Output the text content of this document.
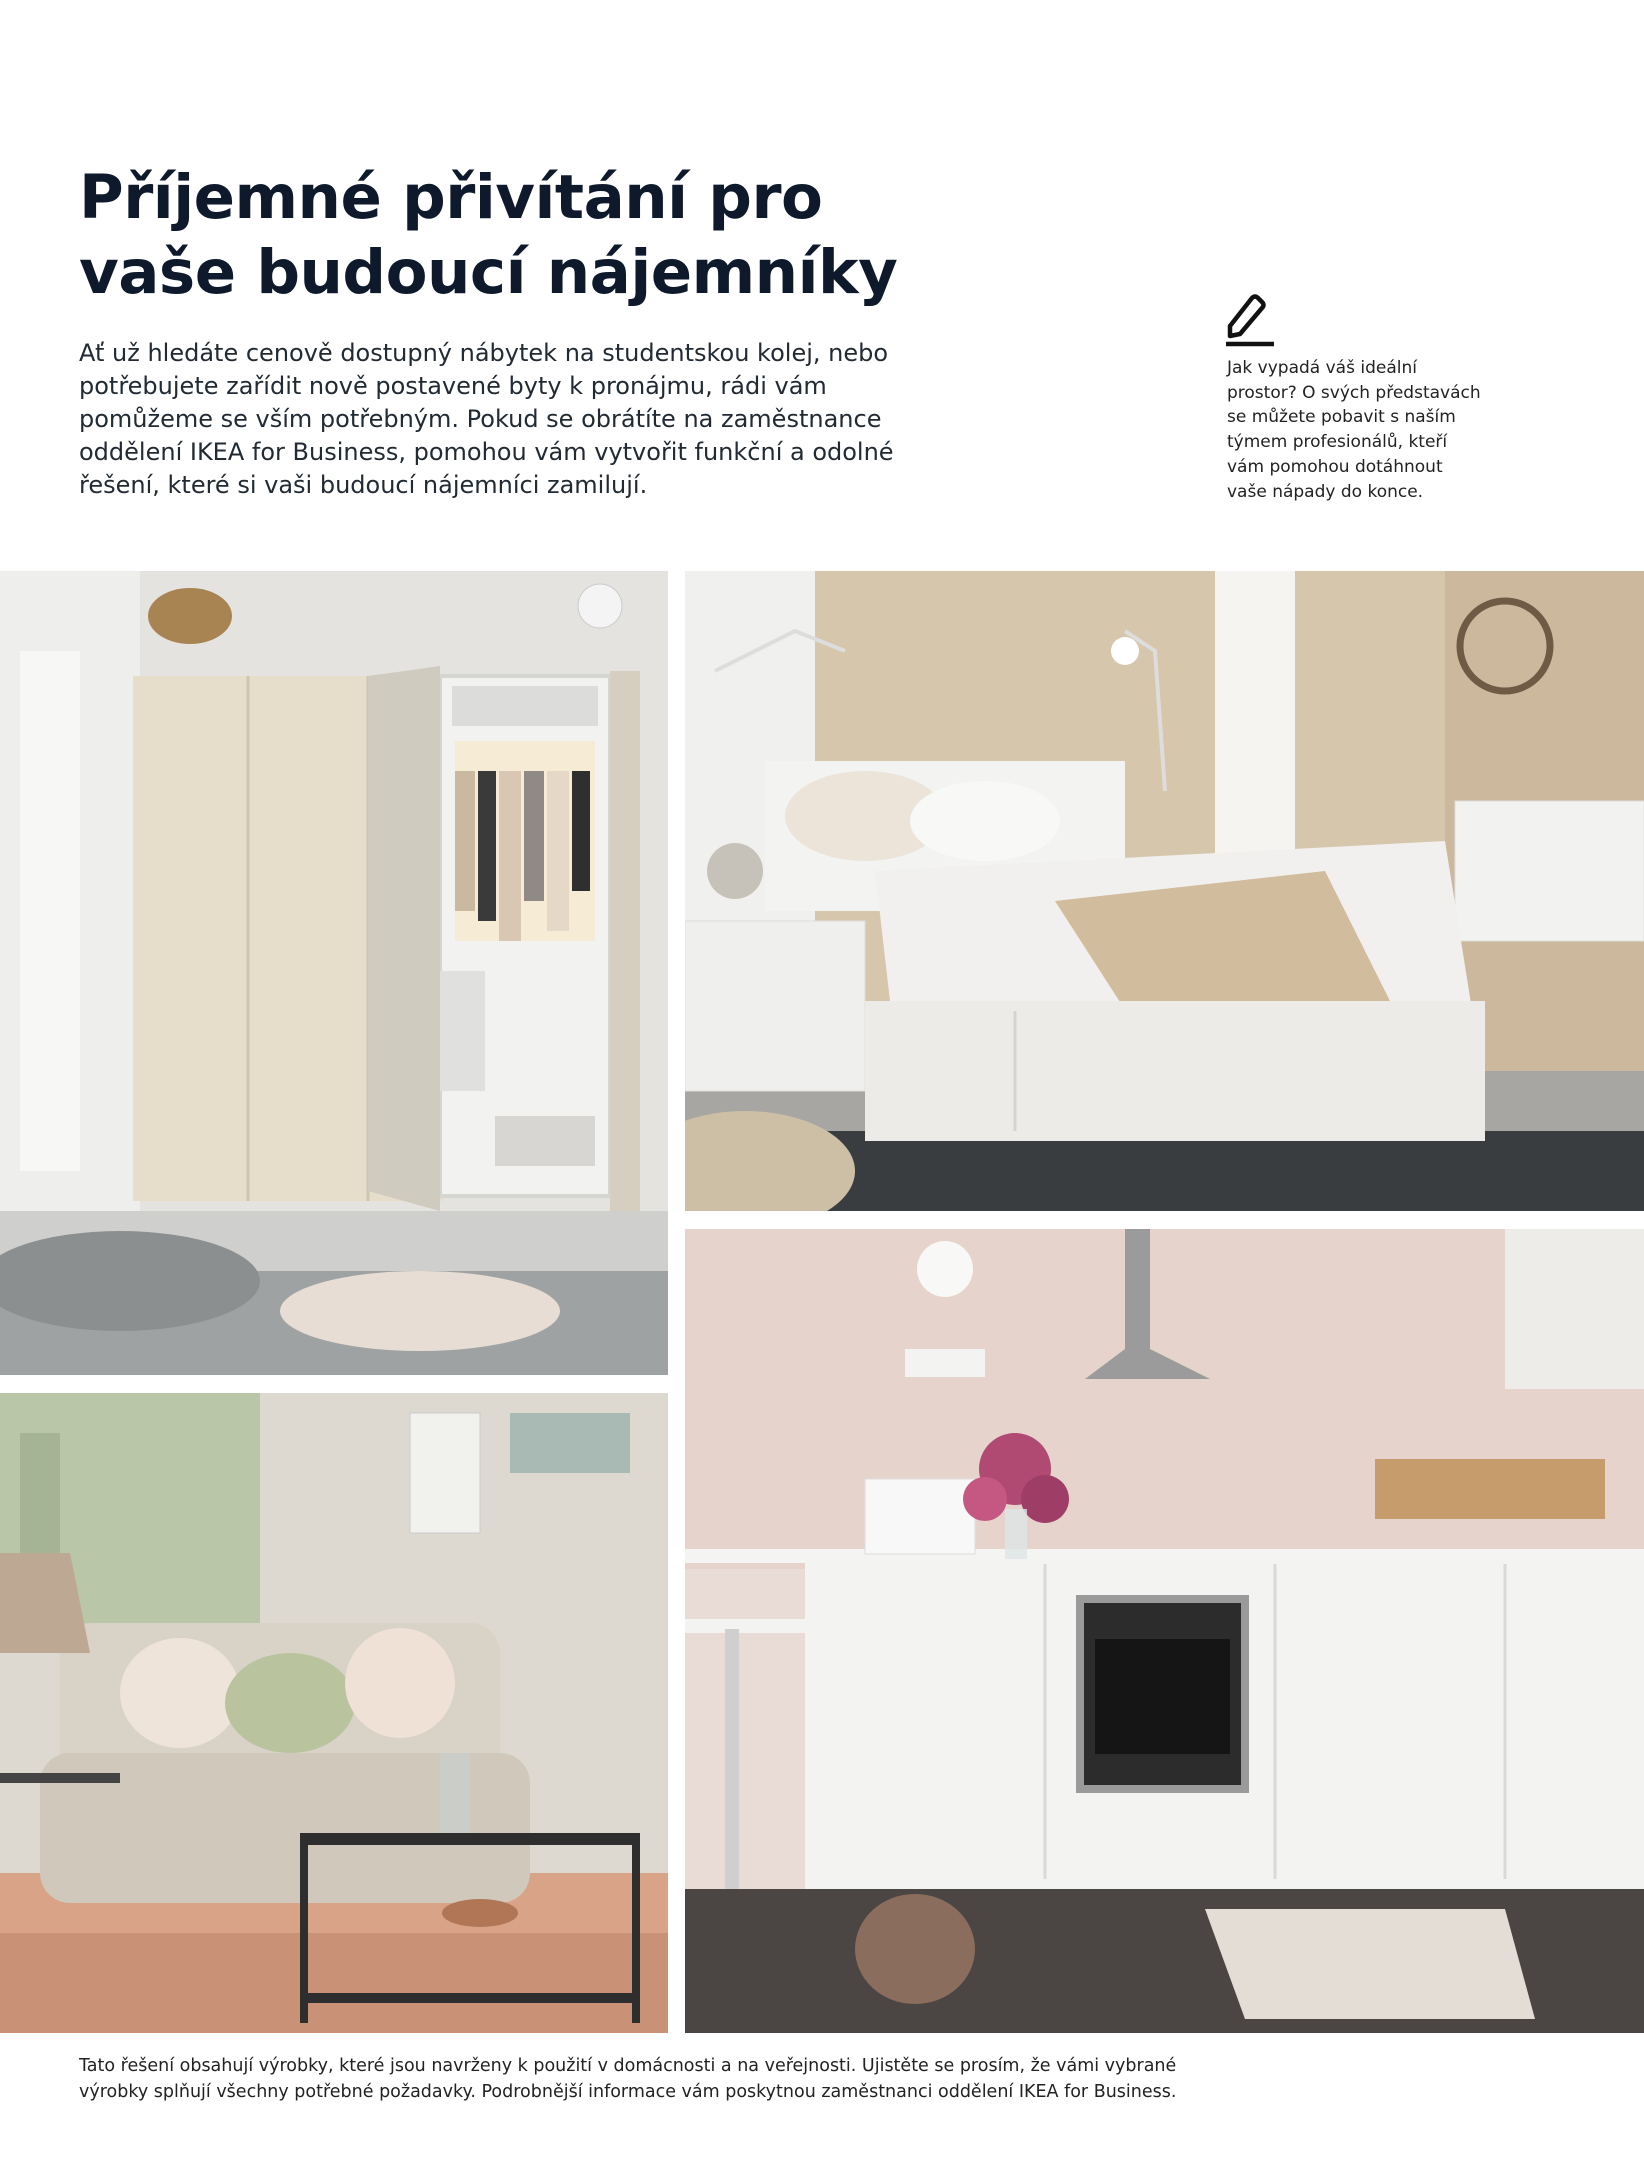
Příjemné přivítání pro
vaše budoucí nájemníky

Ať už hledáte cenově dostupný nábytek na studentskou kolej, nebo
potřebujete zařídit nově postavené byty k pronájmu, rádi vám
pomůžeme se vším potřebným. Pokud se obrátíte na zaměstnance
oddělení IKEA for Business, pomohou vám vytvořit funkční a odolné
řešení, které si vaši budoucí nájemníci zamilují.

Jak vypadá váš ideální
prostor? O svých představách
se můžete pobavit s naším
týmem profesionálů, kteří
vám pomohou dotáhnout
vaše nápady do konce.

Tato řešení obsahují výrobky, které jsou navrženy k použití v domácnosti a na veřejnosti. Ujistěte se prosím, že vámi vybrané
výrobky splňují všechny potřebné požadavky. Podrobnější informace vám poskytnou zaměstnanci oddělení IKEA for Business.
